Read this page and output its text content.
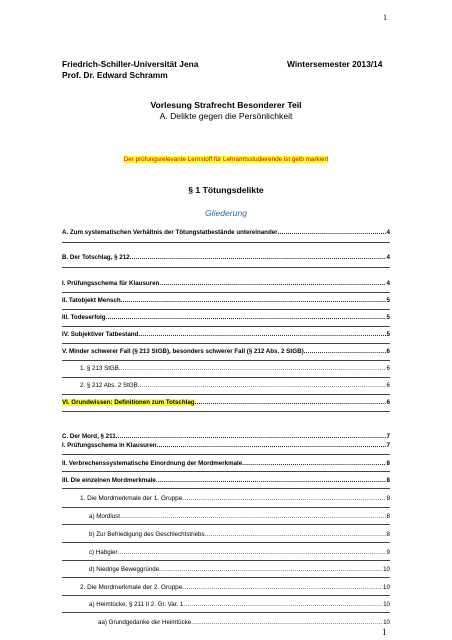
1
Friedrich-Schiller-Universität Jena	Wintersemester 2013/14
Prof. Dr. Edward Schramm
Vorlesung Strafrecht Besonderer Teil
A. Delikte gegen die Persönlichkeit
Der prüfungsrelevante Lernstoff für Lehramtsstudierende ist gelb markiert
§ 1 Tötungsdelikte
Gliederung
A. Zum systematischen Verhältnis der Tötungstatbestände untereinander .....	4
B. Der Totschlag, § 212 .....	4
I. Prüfungsschema für Klausuren .....	4
II. Tatobjekt Mensch .....	5
III. Todeserfolg .....	5
IV. Subjektiver Tatbestand .....	5
V. Minder schwerer Fall (§ 213 StGB), besonders schwerer Fall (§ 212 Abs. 2 StGB) .....	6
1. § 213 StGB .....	6
2. § 212 Abs. 2 StGB .....	6
VI. Grundwissen: Definitionen zum Totschlag .....	6
C. Der Mord, § 211 .....	7
I. Prüfungsschema in Klausuren .....	7
II. Verbrechenssystematische Einordnung der Mordmerkmale .....	8
III. Die einzelnen Mordmerkmale .....	8
1. Die Mordmerkmale der 1. Gruppe .....	8
a) Mordlust .....	8
b) Zur Befriedigung des Geschlechtstriebs .....	8
c) Habgier .....	9
d) Niedrige Beweggründe .....	10
2. Die Mordmerkmale der 2. Gruppe .....	10
a) Heimtücke, § 211 II 2. Gr. Var. 1 .....	10
aa) Grundgedanke der Heimtücke .....	10
1
